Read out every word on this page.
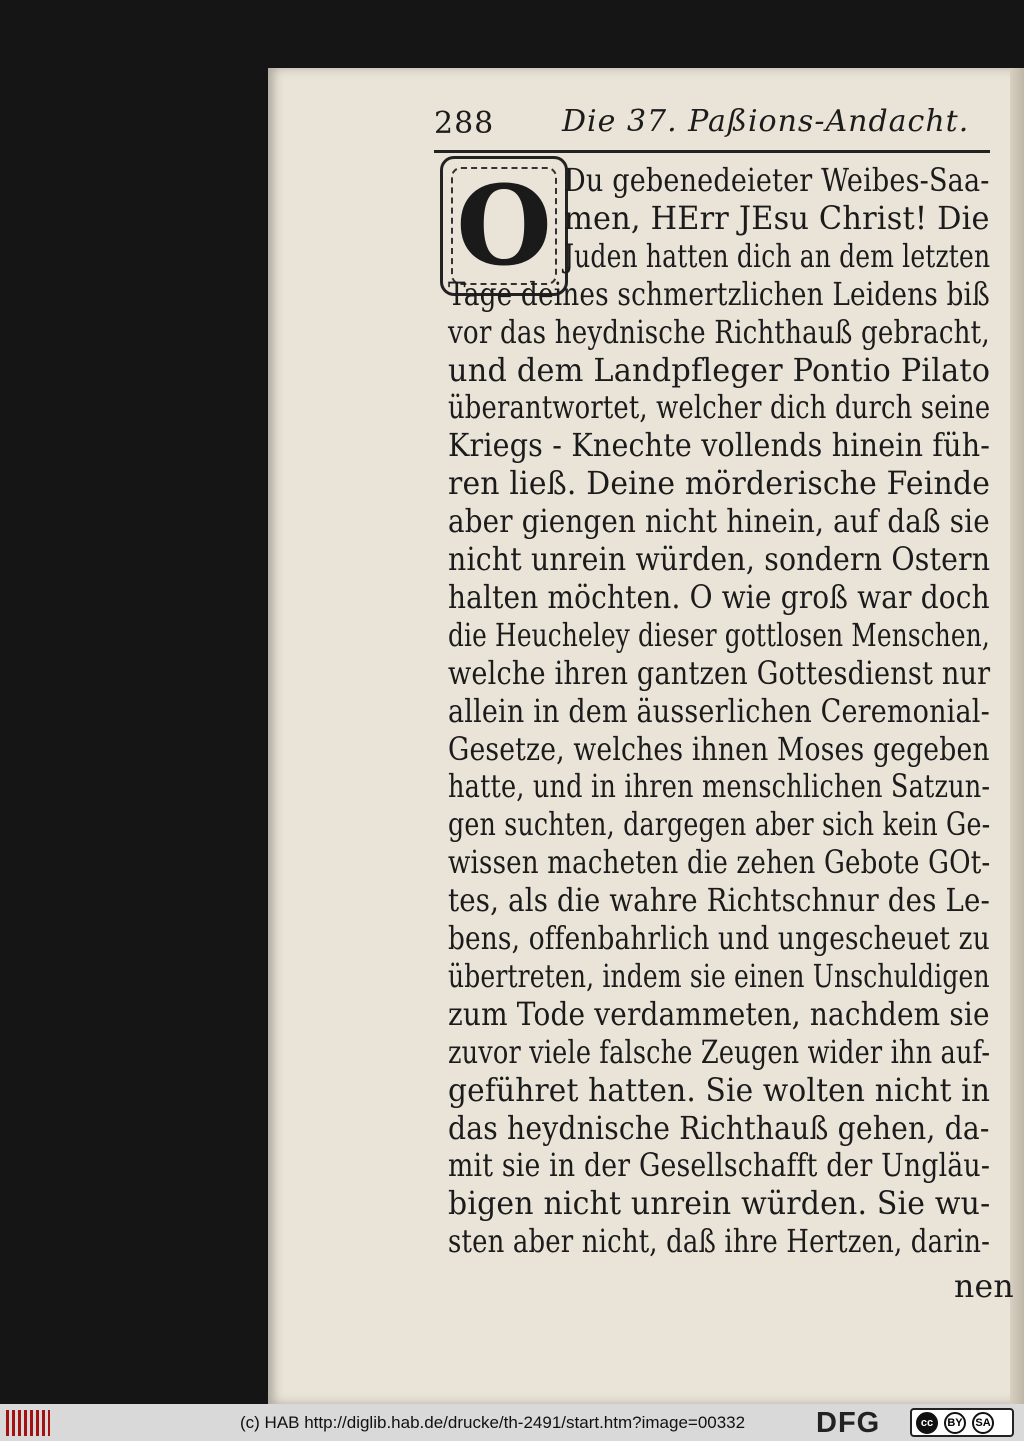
288 Die 37. Paßions-Andacht.
O Du gebenedeieter Weibes-Saa-
men, HErr JEsu Christ! Die
Juden hatten dich an dem letzten
Tage deines schmertzlichen Leidens biß
vor das heydnische Richthauß gebracht,
und dem Landpfleger Pontio Pilato
überantwortet, welcher dich durch seine
Kriegs - Knechte vollends hinein füh-
ren ließ. Deine mörderische Feinde
aber giengen nicht hinein, auf daß sie
nicht unrein würden, sondern Ostern
halten möchten. O wie groß war doch
die Heucheley dieser gottlosen Menschen,
welche ihren gantzen Gottesdienst nur
allein in dem äusserlichen Ceremonial-
Gesetze, welches ihnen Moses gegeben
hatte, und in ihren menschlichen Satzun-
gen suchten, dargegen aber sich kein Ge-
wissen macheten die zehen Gebote GOt-
tes, als die wahre Richtschnur des Le-
bens, offenbahrlich und ungescheuet zu
übertreten, indem sie einen Unschuldigen
zum Tode verdammeten, nachdem sie
zuvor viele falsche Zeugen wider ihn auf-
geführet hatten. Sie wolten nicht in
das heydnische Richthauß gehen, da-
mit sie in der Gesellschafft der Ungläu-
bigen nicht unrein würden. Sie wu-
sten aber nicht, daß ihre Hertzen, darin-
nen
(c) HAB http://diglib.hab.de/drucke/th-2491/start.htm?image=00332 DFG	cc	BY	SA
